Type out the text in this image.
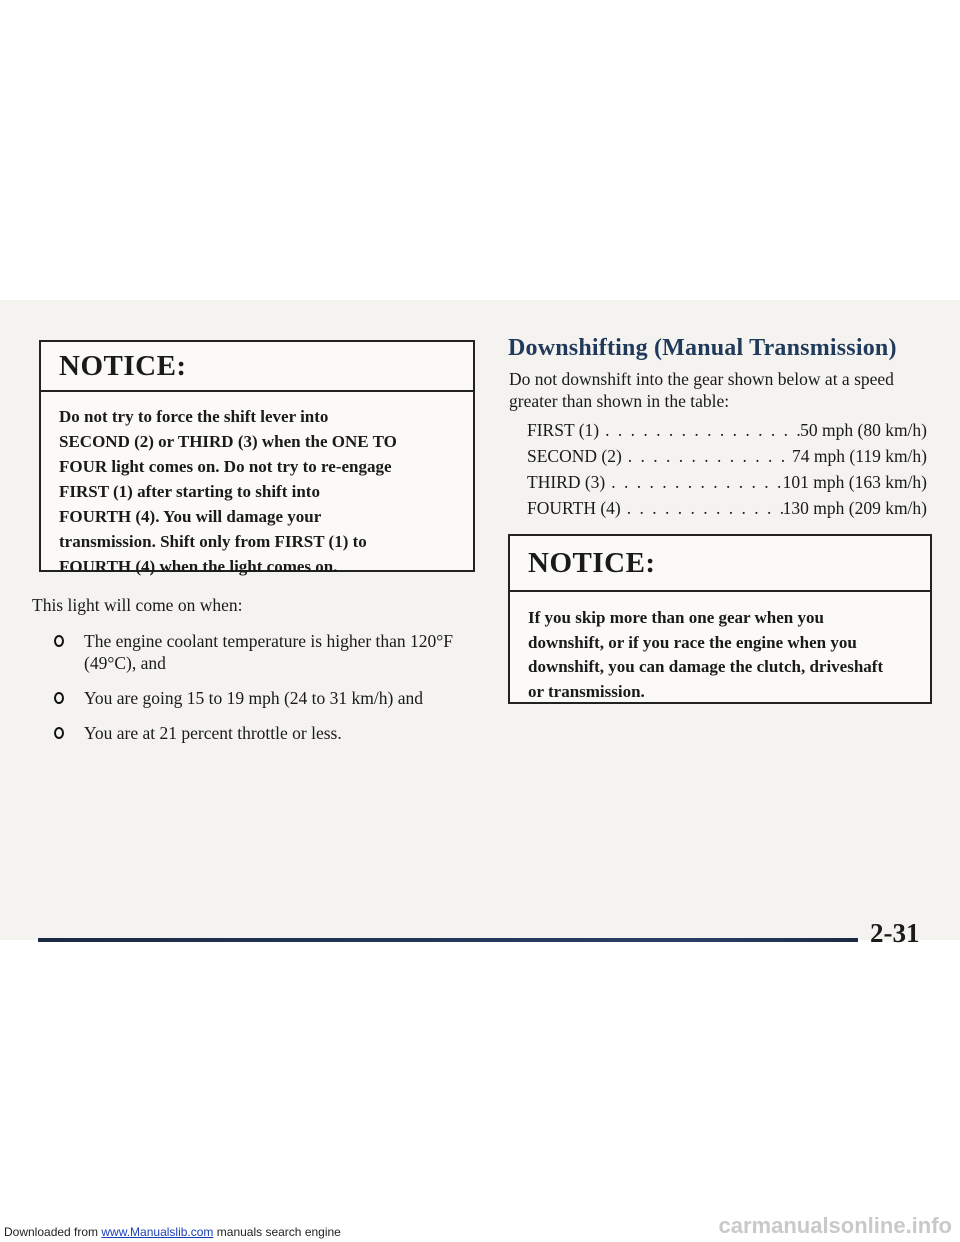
NOTICE:
Do not try to force the shift lever into
SECOND (2) or THIRD (3) when the ONE TO
FOUR light comes on. Do not try to re-engage
FIRST (1) after starting to shift into
FOURTH (4). You will damage your
transmission. Shift only from FIRST (1) to
FOURTH (4) when the light comes on.
This light will come on when:
The engine coolant temperature is higher than 120°F
(49°C), and
You are going 15 to 19 mph (24 to 31 km/h) and
You are at 21 percent throttle or less.
Downshifting (Manual Transmission)
Do not downshift into the gear shown below at a speed
greater than shown in the table:
FIRST (1) . . .	50 mph (80 km/h)
SECOND (2) . . .	74 mph (119 km/h)
THIRD (3) . . .	101 mph (163 km/h)
FOURTH (4) . . .	130 mph (209 km/h)
NOTICE:
If you skip more than one gear when you
downshift, or if you race the engine when you
downshift, you can damage the clutch, driveshaft
or transmission.
2-31
Downloaded from www.Manualslib.com manuals search engine	carmanualsonline.info
